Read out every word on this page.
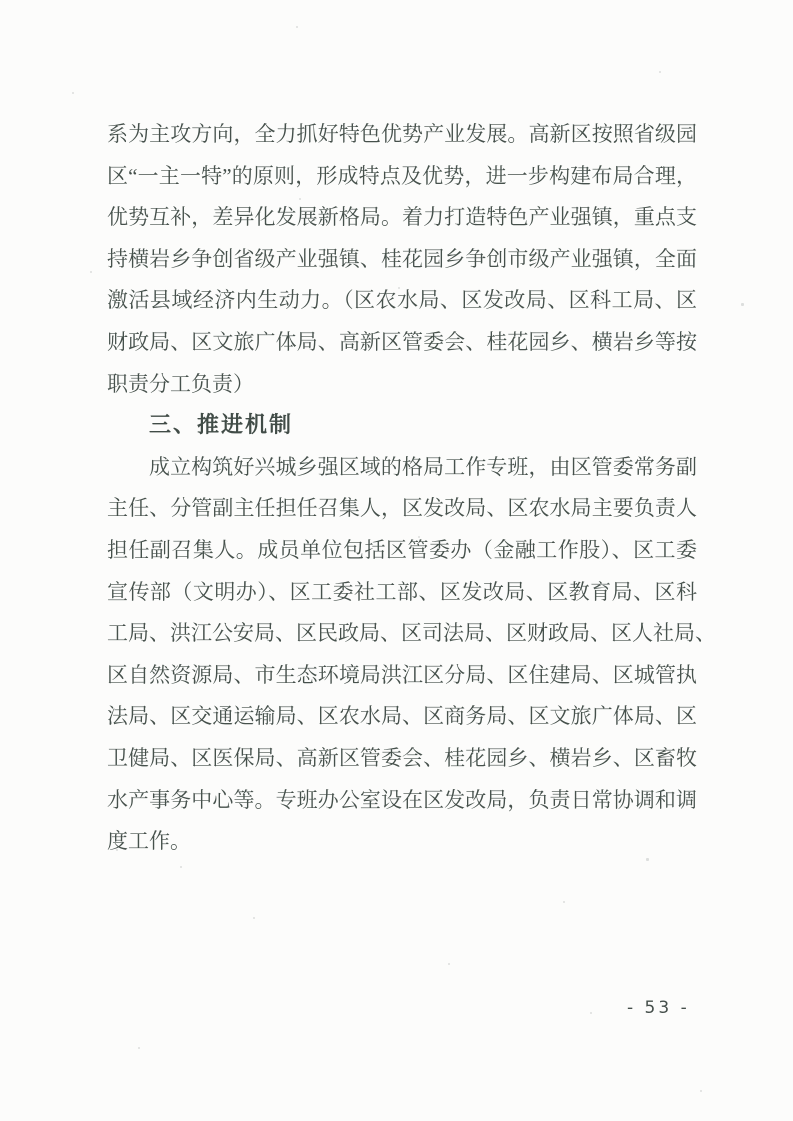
系为主攻方向，全力抓好特色优势产业发展。高新区按照省级园
区“一主一特”的原则，形成特点及优势，进一步构建布局合理，
优势互补，差异化发展新格局。着力打造特色产业强镇，重点支
持横岩乡争创省级产业强镇、桂花园乡争创市级产业强镇，全面
激活县域经济内生动力。（区农水局、区发改局、区科工局、区
财政局、区文旅广体局、高新区管委会、桂花园乡、横岩乡等按
职责分工负责）
三、推进机制
成立构筑好兴城乡强区域的格局工作专班，由区管委常务副
主任、分管副主任担任召集人，区发改局、区农水局主要负责人
担任副召集人。成员单位包括区管委办（金融工作股）、区工委
宣传部（文明办）、区工委社工部、区发改局、区教育局、区科
工局、洪江公安局、区民政局、区司法局、区财政局、区人社局、
区自然资源局、市生态环境局洪江区分局、区住建局、区城管执
法局、区交通运输局、区农水局、区商务局、区文旅广体局、区
卫健局、区医保局、高新区管委会、桂花园乡、横岩乡、区畜牧
水产事务中心等。专班办公室设在区发改局，负责日常协调和调
度工作。
- 53 -
